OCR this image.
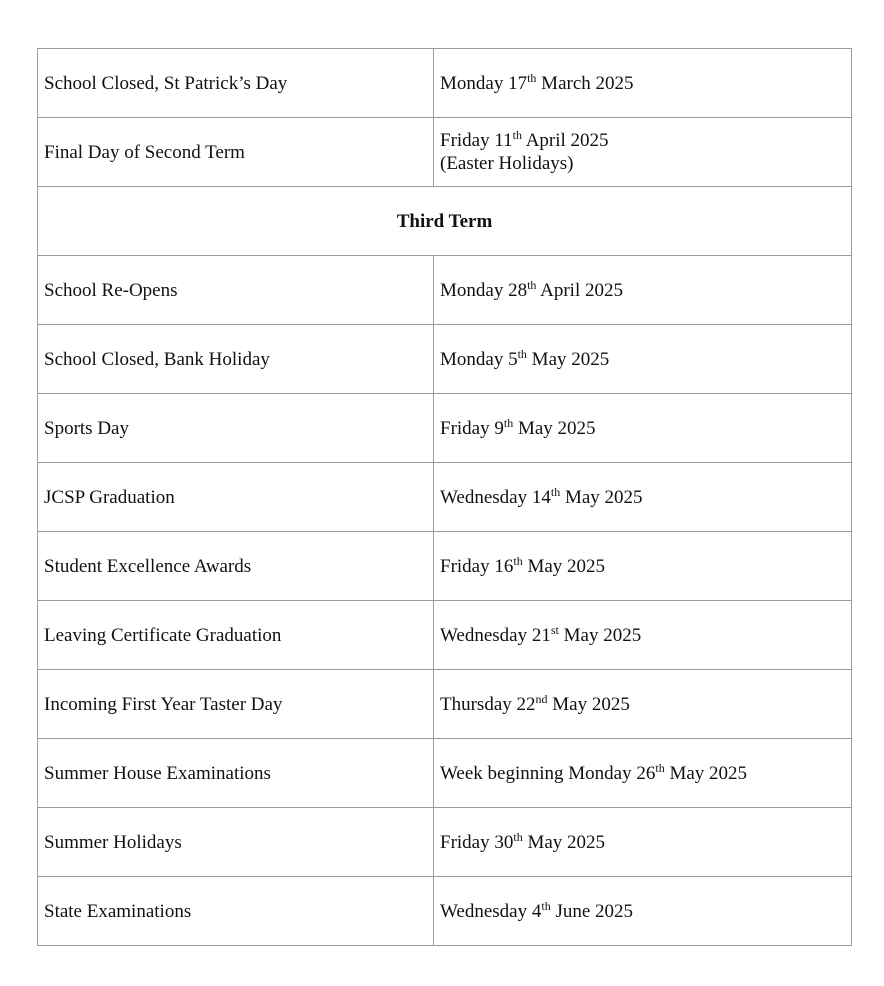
School Closed, St Patrick’s Day	Monday 17th March 2025
Final Day of Second Term	Friday 11th April 2025
(Easter Holidays)

Third Term	
School Re-Opens	Monday 28th April 2025
School Closed, Bank Holiday	Monday 5th May 2025
Sports Day	Friday 9th May 2025
JCSP Graduation	Wednesday 14th May 2025
Student Excellence Awards	Friday 16th May 2025
Leaving Certificate Graduation	Wednesday 21st May 2025
Incoming First Year Taster Day	Thursday 22nd May 2025
Summer House Examinations	Week beginning Monday 26th May 2025
Summer Holidays	Friday 30th May 2025
State Examinations	Wednesday 4th June 2025
